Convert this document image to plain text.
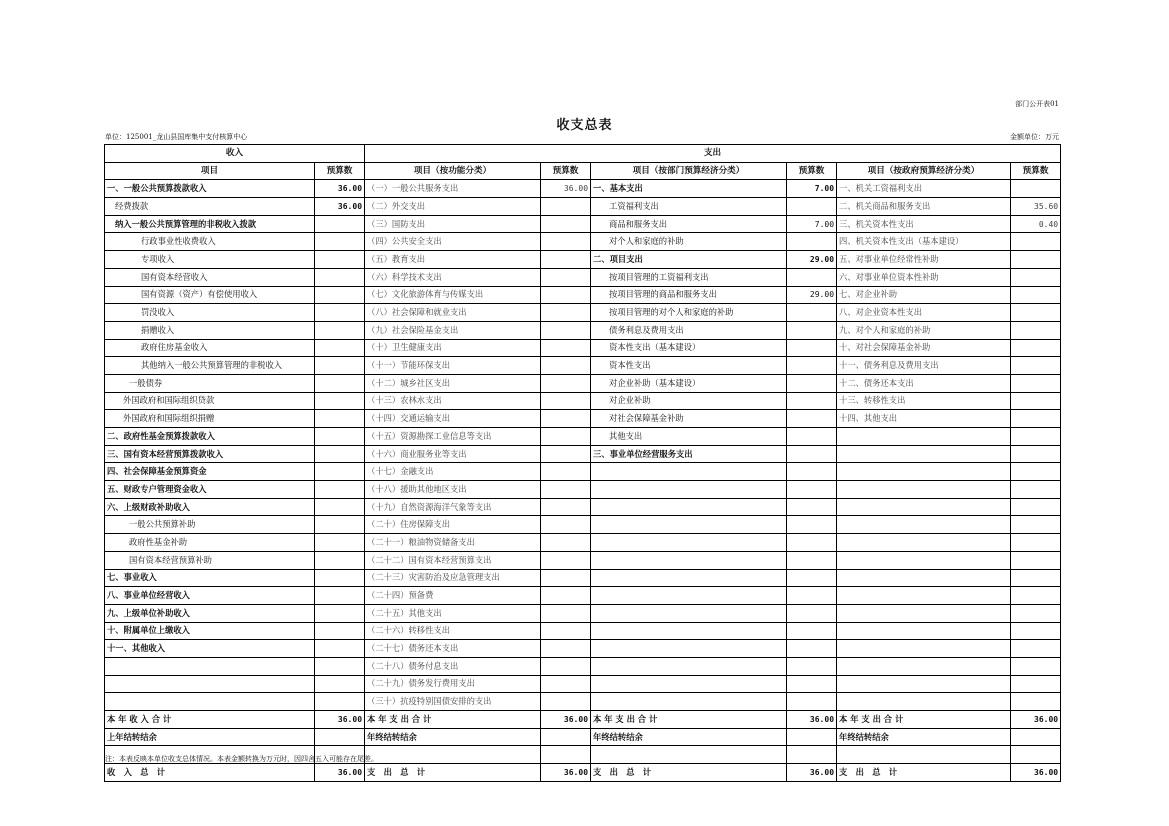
部门公开表01
收支总表
单位：125001_龙山县国库集中支付核算中心	金额单位：万元
收入		支出					
项目	预算数	项目（按功能分类）	预算数	项目（按部门预算经济分类）	预算数	项目（按政府预算经济分类）	预算数
一、一般公共预算拨款收入	36.00	（一）一般公共服务支出	36.00	一、基本支出	7.00	一、机关工资福利支出	
经费拨款	36.00	（二）外交支出		工资福利支出		二、机关商品和服务支出	35.60
纳入一般公共预算管理的非税收入拨款		（三）国防支出		商品和服务支出	7.00	三、机关资本性支出	0.40
行政事业性收费收入		（四）公共安全支出		对个人和家庭的补助		四、机关资本性支出（基本建设）	
专项收入		（五）教育支出		二、项目支出	29.00	五、对事业单位经常性补助	
国有资本经营收入		（六）科学技术支出		按项目管理的工资福利支出		六、对事业单位资本性补助	
国有资源（资产）有偿使用收入		（七）文化旅游体育与传媒支出		按项目管理的商品和服务支出	29.00	七、对企业补助	
罚没收入		（八）社会保障和就业支出		按项目管理的对个人和家庭的补助		八、对企业资本性支出	
捐赠收入		（九）社会保险基金支出		债务利息及费用支出		九、对个人和家庭的补助	
政府住房基金收入		（十）卫生健康支出		资本性支出（基本建设）		十、对社会保障基金补助	
其他纳入一般公共预算管理的非税收入		（十一）节能环保支出		资本性支出		十一、债务利息及费用支出	
一般债券		（十二）城乡社区支出		对企业补助（基本建设）		十二、债务还本支出	
外国政府和国际组织贷款		（十三）农林水支出		对企业补助		十三、转移性支出	
外国政府和国际组织捐赠		（十四）交通运输支出		对社会保障基金补助		十四、其他支出	
二、政府性基金预算拨款收入		（十五）资源勘探工业信息等支出		其他支出			
三、国有资本经营预算拨款收入		（十六）商业服务业等支出		三、事业单位经营服务支出			
四、社会保障基金预算资金		（十七）金融支出					
五、财政专户管理资金收入		（十八）援助其他地区支出					
六、上级财政补助收入		（十九）自然资源海洋气象等支出					
一般公共预算补助		（二十）住房保障支出					
政府性基金补助		（二十一）粮油物资储备支出					
国有资本经营预算补助		（二十二）国有资本经营预算支出					
七、事业收入		（二十三）灾害防治及应急管理支出					
八、事业单位经营收入		（二十四）预备费					
九、上级单位补助收入		（二十五）其他支出					
十、附属单位上缴收入		（二十六）转移性支出					
十一、其他收入		（二十七）债务还本支出					
		（二十八）债务付息支出					
		（二十九）债务发行费用支出					
		（三十）抗疫特别国债安排的支出					
本 年 收 入 合 计	36.00	本 年 支 出 合 计	36.00	本 年 支 出 合 计	36.00	本 年 支 出 合 计	36.00
上年结转结余		年终结转结余		年终结转结余		年终结转结余	

收　入　总　计	36.00	支　出　总　计	36.00	支　出　总　计	36.00	支　出　总　计	36.00
注：本表反映本单位收支总体情况。本表金额转换为万元时，因四舍五入可能存在尾差。
